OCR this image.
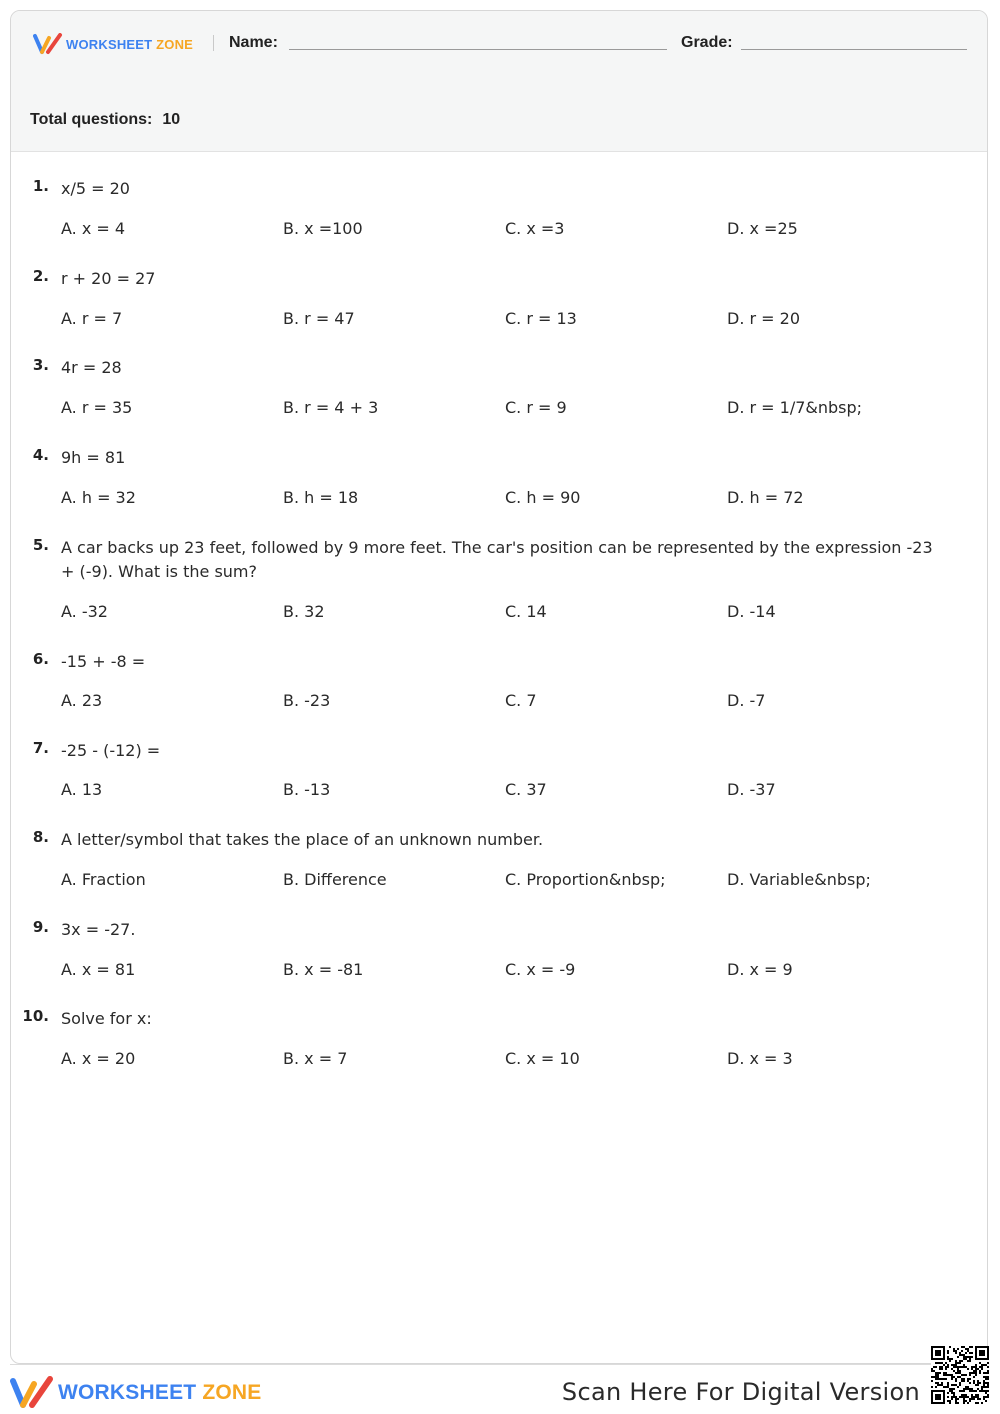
WORKSHEET ZONE Name:	Grade:
Total questions: 10
1. x/5 = 20
A. x = 4	B. x =100	C. x =3	D. x =25
2. r + 20 = 27
A. r = 7	B. r = 47	C. r = 13	D. r = 20
3. 4r = 28
A. r = 35	B. r = 4 + 3	C. r = 9	D. r = 1/7&nbsp;
4. 9h = 81
A. h = 32	B. h = 18	C. h = 90	D. h = 72
5. A car backs up 23 feet, followed by 9 more feet. The car's position can be represented by the expression -23 + (-9). What is the sum?
A. -32	B. 32	C. 14	D. -14
6. -15 + -8 =
A. 23	B. -23	C. 7	D. -7
7. -25 - (-12) =
A. 13	B. -13	C. 37	D. -37
8. A letter/symbol that takes the place of an unknown number.
A. Fraction	B. Difference	C. Proportion&nbsp;	D. Variable&nbsp;
9. 3x = -27.
A. x = 81	B. x = -81	C. x = -9	D. x = 9
10. Solve for x:
A. x = 20	B. x = 7	C. x = 10	D. x = 3
WORKSHEET ZONE	Scan Here For Digital Version
